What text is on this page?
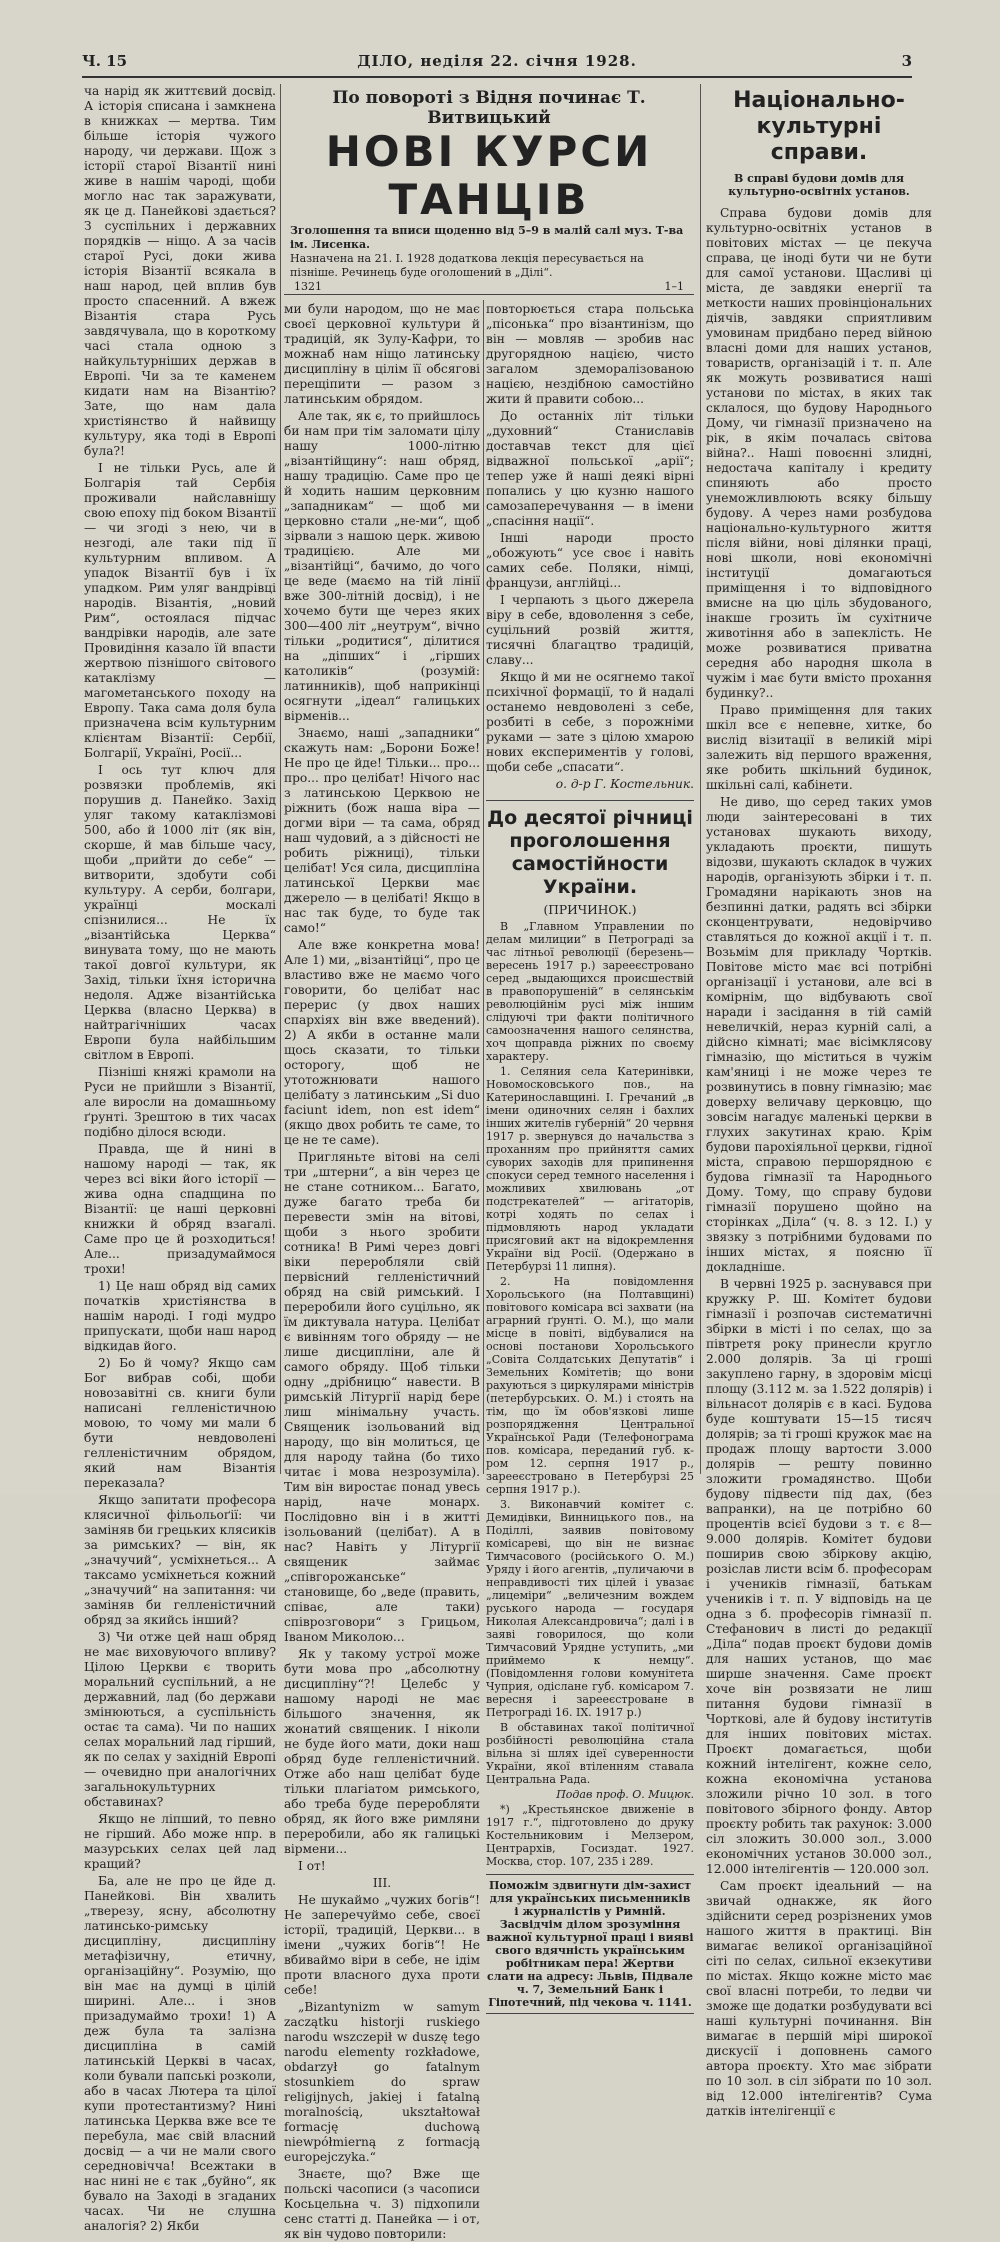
Ч. 15	ДІЛО, неділя 22. січня 1928.	3

ча нарід як життєвий досвід. А історія списана і замкнена в книжках — мертва. Тим більше історія чужого народу, чи держави. Щож з історії старої Візантії нині живе в нашім чароді, щоби могло нас так заражувати, як це д. Панейкові здається? З суспільних і державних порядків — ніщо. А за часів старої Русі, доки жива історія Візантії всякала в наш народ, цей вплив був просто спасенний. А вжеж Візантія стара Русь завдячувала, що в короткому часі стала одною з найкультурніших держав в Европі. Чи за те каменем кидати нам на Візантію? Зате, що нам дала христіянство й найвищу культуру, яка тоді в Европі була?!

І не тільки Русь, але й Болгарія тай Сербія проживали найславнішу свою епоху під боком Візантії — чи згоді з нею, чи в незгоді, але таки під її культурним впливом. А упадок Візантії був і їх упадком. Рим уляг вандрівці народів. Візантія, „новий Рим“, остоялася підчас вандрівки народів, але зате Провидіння казало їй впасти жертвою пізнішого світового катаклізму — магометанського походу на Европу. Така сама доля була призначена всім культурним клієнтам Візантії: Сербії, Болгарії, Україні, Росії...

І ось тут ключ для розвязки проблемів, які порушив д. Панейко. Захід уляг такому катаклізмові 500, або й 1000 літ (як він, скорше, й мав більше часу, щоби „прийти до себе“ — витворити, здобути собі культуру. А серби, болгари, українці москалі спізнилися... Не їх „візантійська Церква“ винувата тому, що не мають такої довгої культури, як Захід, тільки їхня історична недоля. Адже візантійська Церква (власно Церква) в найтрагічніших часах Европи була найбільшим світлом в Европі.

Пізніші княжі крамоли на Руси не прийшли з Візантії, але виросли на домашньому ґрунті. Зрештою в тих часах подібно ділося всюди.

Правда, ще й нині в нашому народі — так, як через всі віки його історії — жива одна спадщина по Візантії: це наші церковні книжки й обряд взагалі. Саме про це й розходиться! Але... призадумаймося трохи!

1) Це наш обряд від самих початків христіянства в нашім народі. І годі мудро припускати, щоби наш народ відкидав його.

2) Бо й чому? Якщо сам Бог вибрав собі, щоби новозавітні св. книги були написані гелленістичною мовою, то чому ми мали б бути невдоволені гелленістичним обрядом, який нам Візантія переказала?

Якщо запитати професора клясичної фільольоґії: чи заміняв би грецьких клясиків за римських? — він, як „значучий“, усміхнеться... А таксамо усміхнеться кожний „значучий“ на запитання: чи заміняв би гелленістичний обряд за якийсь інший?

3) Чи отже цей наш обряд не має виховуючого впливу? Цілою Церкви є творить моральний суспільний, а не державний, лад (бо держави змінюються, а суспільність остає та сама). Чи по наших селах моральний лад гірший, як по селах у західній Европі — очевидно при аналогічних загальнокультурних обставинах?

Якщо не ліпший, то певно не гірший. Або може нпр. в мазурських селах цей лад кращий?

Ба, але не про це йде д. Панейкові. Він хвалить „тверезу, ясну, абсолютну латинсько-римську дисципліну, дисципліну метафізичну, етичну, організаційну“. Розумію, що він має на думці в цілій ширині. Але... і знов призадумаймо трохи! 1) А деж була та залізна дисципліна в самій латинській Церкві в часах, коли бували папські розколи, або в часах Лютера та цілої купи протестантизму? Нині латинська Церква вже все те перебула, має свій власний досвід — а чи не мали свого середновічча! Всежтаки в нас нині не є так „буйно“, як бувало на Заході в згаданих часах. Чи не слушна аналогія? 2) Якби

По повороті з Відня починає Т. Витвицький
НОВІ КУРСИ ТАНЦІВ
Зголошення та вписи щоденно від 5–9 в малій салі муз. Т-ва ім. Лисенка.
Назначена на 21. I. 1928 додаткова лекція пересувається на пізніше. Речинець буде оголошений в „Ділі“.
1321	1–1

ми були народом, що не має своєї церковної культури й традицій, як Зулу-Кафри, то можнаб нам ніщо латинську дисципліну в цілім її обсягові перещіпити — разом з латинським обрядом.

Але так, як є, то прийшлось би нам при тім заломати цілу нашу 1000-літню „візантійщину“: наш обряд, нашу традицію. Саме про це й ходить нашим церковним „западникам“ — щоб ми церковно стали „не-ми“, щоб зірвали з нашою церк. живою традицією. Але ми „візантійці“, бачимо, до чого це веде (маємо на тій лінії вже 300-літній досвід), і не хочемо бути ще через яких 300—400 літ „неутрум“, вічно тільки „родитися“, ділитися на „діпших“ і „гірших католиків“ (розумій: латинників), щоб наприкінці осягнути „ідеал“ галицьких вірменів...

Знаємо, наші „западники“ скажуть нам: „Борони Боже! Не про це йде! Тільки... про... про... про целібат! Нічого нас з латинською Церквою не ріжнить (бож наша віра — догми віри — та сама, обряд наш чудовий, а з дійсності не робить ріжниці), тільки целібат! Уся сила, дисципліна латинської Церкви має джерело — в целібаті! Якщо в нас так буде, то буде так само!“

Але вже конкретна мова! Але 1) ми, „візантійці“, про це властиво вже не маємо чого говорити, бо целібат нас перерис (у двох наших спархіях він вже введений). 2) А якби в останне мали щось сказати, то тільки осторогу, щоб не утотожнювати нашого целібату з латинським „Si duo faciunt idem, non est idem“ (якщо двох робить те саме, то це не те саме).

Пригляньте вітові на селі три „штерни“, а він через це не стане сотником... Багато, дуже багато треба би перевести змін на вітові, щоби з нього зробити сотника! В Римі через довгі віки переробляли свій первісний гелленістичний обряд на свій римський. І переробили його суцільно, як їм диктувала натура. Целібат є вивінням того обряду — не лише дисципліни, але й самого обряду. Щоб тільки одну „дрібницю“ навести. В римській Літургії нарід бере лиш мінімальну участь. Священик ізольований від народу, що він молиться, це для народу тайна (бо тихо читає і мова незрозуміла). Тим він виростає понад увесь нарід, наче монарх. Послідовно він і в житті ізольований (целібат). А в нас? Навіть у Літургії священик займає „співгорожанське“ становище, бо „веде (править, співає, але таки) співрозговори“ з Грицьом, Іваном Миколою...

Як у такому устрої може бути мова про „абсолютну дисципліну“?! Целебс у нашому народі не має більшого значення, як жонатий священик. І ніколи не буде його мати, доки наш обряд буде гелленістичний. Отже або наш целібат буде тільки плагіатом римського, або треба буде переробляти обряд, як його вже римляни переробили, або як галицькі вірмени...

І от!

ІІІ.

Не шукаймо „чужих богів“! Не заперечуймо себе, своєї історії, традицій, Церкви... в імени „чужих богів“! Не вбиваймо віри в себе, не ідім проти власного духа проти себе!

„Bizantynizm w samym zaczątku historji ruskiego narodu wszczepił w duszę tego narodu elementy rozkładowe, obdarzył go fatalnym stosunkiem do spraw religijnych, jakiej i fatalną moralnością, ukształtował formację duchową niewpółmierną z formacją europejczyka.“

Знаєте, що? Вже ще польскі часописи (з часописи Косьцельна ч. 3) підхопили сенс статті д. Панейка — і от, як він чудово повторили:

повторюється стара польська „пісонька“ про візантинізм, що він — мовляв — зробив нас другорядною нацією, чисто загалом здеморалізованою нацією, нездібною самостійно жити й правити собою...

До останніх літ тільки „духовний“ Станиславів доставчав текст для цієї відважної польської „арії“; тепер уже й наші деякі вірні попались у цю кузню нашого самозаперечування — в імени „спасіння нації“.

Інші народи просто „обожують“ усе своє і навіть самих себе. Поляки, німці, французи, англійці...

І черпають з цього джерела віру в себе, вдоволення з себе, суцільний розвій життя, тисячні благацтво традицій, славу...

Якщо й ми не осягнемо такої психічної формації, то й надалі останемо невдоволені з себе, розбиті в себе, з порожніми руками — зате з цілою хмарою нових експериментів у голові, щоби себе „спасати“.

о. д-р Г. Костельник.

До десятої річниці проголошення самостійности України.

(ПРИЧИНОК.)

В „Главном Управлении по делам милиции“ в Петрограді за час літньої революції (березень—вересень 1917 р.) зарееєстровано серед „выдающихся происшествій в правопорушеній“ в селянськім революційнім русі між іншим слідуючі три факти політичного самоозначення нашого селянства, хоч щоправда ріжних по своєму характеру.

1. Селяния села Катеринівки, Новомосковського пов., на Катеринославщині. І. Гречаний „в імени одиночних селян і бахлих інших жителів губерній“ 20 червня 1917 р. звернувся до начальства з проханням про прийняття самих суворих заходів для припинення спокуси серед темного населення і можливих хвилювань „от подстрекателей“ — агітаторів, котрі ходять по селах і підмовляють народ укладати присяговий акт на відокремлення України від Росії. (Одержано в Петербурзі 11 липня).

2. На повідомлення Хорольського (на Полтавщині) повітового комісара всі захвати (на аграрний ґрунті. О. М.), що мали місце в повіті, відбувалися на основі постанови Хорольського „Совіта Солдатських Депутатів“ і Земельних Комітетів; що вони рахуються з циркулярами міністрів (петербурських. О. М.) і стоять на тім, що їм обов'язкові лише розпорядження Центральної Української Ради (Телефонограма пов. комісара, переданий губ. к-ром 12. серпня 1917 р., зарееєстровано в Петербурзі 25 серпня 1917 р.).

3. Виконавчий комітет с. Демидівки, Винницького пов., на Поділлі, заявив повітовому комісареві, що він не визнає Тимчасового (російського О. М.) Уряду і його агентів, „пуличаючи в неправдивості тих цілей і увазає „лицеміри“ „величезним вождем руського народа — государя Николая Александровича“; далі і в заяві говорилося, що коли Тимчасовий Урядне уступить, „ми приймемо к немцу“. (Повідомлення голови комунітета Чуприя, одіслане губ. комісаром 7. вересня і зарееєстроване в Петрограді 16. IX. 1917 р.)

В обставинах такої політичної розбійності революційна стала вільна зі шлях ідеї суверенности України, якої втіленням ставала Центральна Рада.

Подав проф. О. Мицюк.

*) „Крестьянское движеніе в 1917 г.“, підготовлено до друку Костельниковим і Мелзером, Центрархів, Госиздат. 1927. Москва, стор. 107, 235 і 289.

Поможім здвигнути дім-захист для українських письменників і журналістів у Римній. Засвідчім ділом зрозуміння важної культурної праці і вияві свого вдячність українським робітникам пера! Жертви слати на адресу: Львів, Підвале ч. 7, Земельний Банк і Гіпотечний, під чекова ч. 1141.
Національно-культурні справи.
В справі будови домів для культурно-освітніх установ.

Справа будови домів для культурно-освітніх установ в повітових містах — це пекуча справа, це іноді бути чи не бути для самої установи. Щасливі ці міста, де завдяки енергії та меткости наших провінціональних діячів, завдяки сприятливим умовинам придбано перед війною власні доми для наших установ, товариств, організацій і т. п. Але як можуть розвиватися наші установи по містах, в яких так склалося, що будову Народнього Дому, чи гімназії призначено на рік, в якім почалась світова війна?.. Наші повоєнні злидні, недостача капіталу і кредиту спиняють або просто унеможливлюють всяку більшу будову. А через нами розбудова національно-культурного життя після війни, нові ділянки праці, нові школи, нові економічні інституції домагаються приміщення і то відповідного вмисне на цю ціль збудованого, інакше грозить їм сухітниче животіння або в запеклість. Не може розвиватися приватна середня або народня школа в чужім і має бути вмісто прохання будинку?..

Право приміщення для таких шкіл все є непевне, хитке, бо вислід візитації в великій мірі залежить від першого враження, яке робить шкільний будинок, шкільні салі, кабінети.

Не диво, що серед таких умов люди заінтересовані в тих установах шукають виходу, укладають проєкти, пишуть відозви, шукають складок в чужих народів, організують збірки і т. п. Громадяни нарікають знов на безпинні датки, радять всі збірки сконцентрувати, недовірчиво ставляться до кожної акції і т. п. Возьмім для прикладу Чортків. Повітове місто має всі потрібні організації і установи, але всі в комірнім, що відбувають свої наради і засідання в тій самій невеличкій, нераз курній салі, а дійсно кімнаті; має вісімклясову гімназію, що міститься в чужім кам'яниці і не може через те розвинутись в повну гімназію; має доверху величаву церковцю, що зовсім нагадує маленькі церкви в глухих закутинах краю. Крім будови парохіяльної церкви, гідної міста, справою першорядною є будова гімназії та Народнього Дому. Тому, що справу будови гімназії порушено щойно на сторінках „Діла“ (ч. 8. з 12. І.) у звязку з потрібними будовами по інших містах, я поясню її докладніше.

В червні 1925 р. заснувався при кружку Р. Ш. Комітет будови гімназії і розпочав систематичні збірки в місті і по селах, що за півтретя року принесли кругло 2.000 долярів. За ці гроші закуплено гарну, в здоровім місці площу (3.112 м. за 1.522 долярів) і вільнасот долярів є в касі. Будова буде коштувати 15—15 тисяч долярів; за ті гроші кружок має на продаж площу вартости 3.000 долярів — решту повинно зложити громадянство. Щоби будову підвести під дах, (без вапранки), на це потрібно 60 процентів всієї будови з т. є 8—9.000 долярів. Комітет будови поширив свою збіркову акцію, розіслав листи всім б. професорам і учеників гімназії, батькам учеників і т. п. У відповідь на це одна з б. професорів гімназії п. Стефанович в листі до редакції „Діла“ подав проєкт будови домів для наших установ, що має ширше значення. Саме проєкт хоче він розвязати не лиш питання будови гімназії в Чорткові, але й будову інститутів для інших повітових містах. Проєкт домагається, щоби кожний інтелігент, кожне село, кожна економічна установа зложили річно 10 зол. в того повітового збірного фонду. Автор проєкту робить так рахунок: 3.000 сіл зложить 30.000 зол., 3.000 економічних установ 30.000 зол., 12.000 інтелігентів — 120.000 зол.

Сам проєкт ідеальний — на звичай однакже, як його здійснити серед розрізнених умов нашого життя в практиці. Він вимагає великої організаційної сіті по селах, сильної екзекутиви по містах. Якщо кожне місто має свої власні потреби, то ледви чи зможе ще додатки розбудувати всі наші культурні починання. Він вимагає в першій мірі широкої дискусії і доповнень самого автора проєкту. Хто має зібрати по 10 зол. в сіл зібрати по 10 зол. від 12.000 інтелігентів? Сума датків інтелігенції є
